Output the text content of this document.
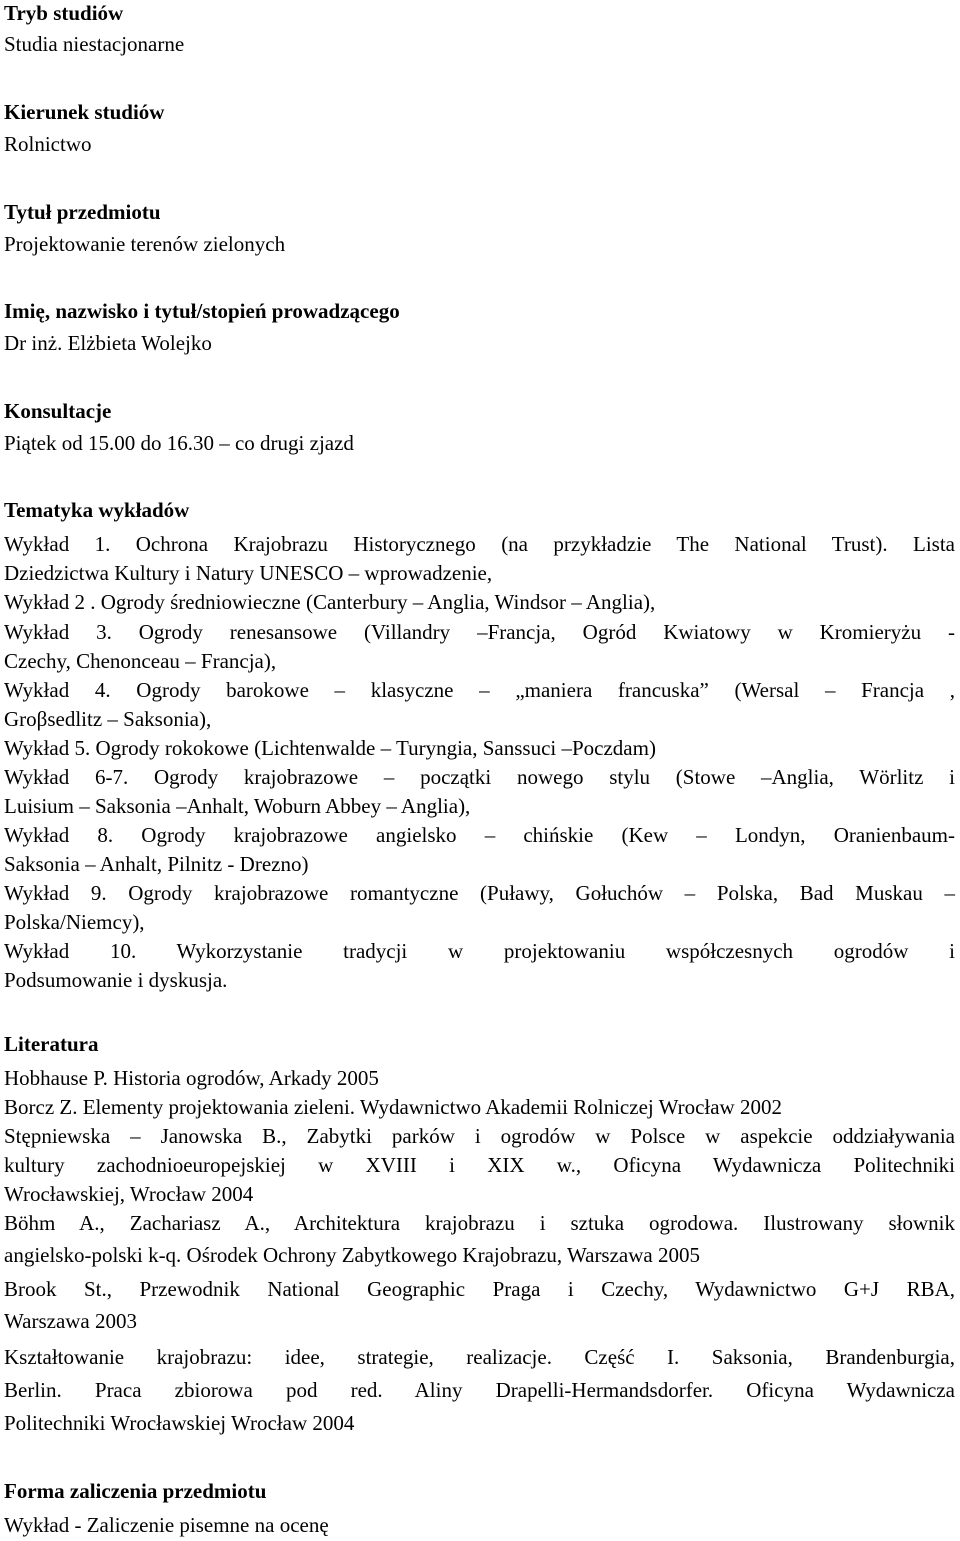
Tryb studiów
Studia niestacjonarne
Kierunek studiów
Rolnictwo
Tytuł przedmiotu
Projektowanie terenów zielonych
Imię, nazwisko i tytuł/stopień prowadzącego
Dr inż. Elżbieta Wolejko
Konsultacje
Piątek od 15.00 do 16.30 – co drugi zjazd
Tematyka wykładów
Wykład 1. Ochrona Krajobrazu Historycznego (na przykładzie The National Trust). Lista
Dziedzictwa Kultury i Natury UNESCO – wprowadzenie,
Wykład 2 . Ogrody średniowieczne (Canterbury – Anglia, Windsor – Anglia),
Wykład 3. Ogrody renesansowe (Villandry –Francja, Ogród Kwiatowy w Kromieryżu -
Czechy, Chenonceau – Francja),
Wykład 4. Ogrody barokowe – klasyczne – „maniera francuska” (Wersal – Francja ,
Groβsedlitz – Saksonia),
Wykład 5. Ogrody rokokowe (Lichtenwalde – Turyngia, Sanssuci –Poczdam)
Wykład 6-7. Ogrody krajobrazowe – początki nowego stylu (Stowe –Anglia, Wörlitz i
Luisium – Saksonia –Anhalt, Woburn Abbey – Anglia),
Wykład 8. Ogrody krajobrazowe angielsko – chińskie (Kew – Londyn, Oranienbaum-
Saksonia – Anhalt, Pilnitz - Drezno)
Wykład 9. Ogrody krajobrazowe romantyczne (Puławy, Gołuchów – Polska, Bad Muskau –
Polska/Niemcy),
Wykład 10. Wykorzystanie tradycji w projektowaniu współczesnych ogrodów i
Podsumowanie i dyskusja.
Literatura
Hobhause P. Historia ogrodów, Arkady 2005
Borcz Z. Elementy projektowania zieleni. Wydawnictwo Akademii Rolniczej Wrocław 2002
Stępniewska – Janowska B., Zabytki parków i ogrodów w Polsce w aspekcie oddziaływania
kultury zachodnioeuropejskiej w XVIII i XIX w., Oficyna Wydawnicza Politechniki
Wrocławskiej, Wrocław 2004
Böhm A., Zachariasz A., Architektura krajobrazu i sztuka ogrodowa. Ilustrowany słownik
angielsko-polski k-q. Ośrodek Ochrony Zabytkowego Krajobrazu, Warszawa 2005
Brook St., Przewodnik National Geographic Praga i Czechy, Wydawnictwo G+J RBA,
Warszawa 2003
Kształtowanie krajobrazu: idee, strategie, realizacje. Część I. Saksonia, Brandenburgia,
Berlin. Praca zbiorowa pod red. Aliny Drapelli-Hermandsdorfer. Oficyna Wydawnicza
Politechniki Wrocławskiej Wrocław 2004
Forma zaliczenia przedmiotu
Wykład - Zaliczenie pisemne na ocenę
